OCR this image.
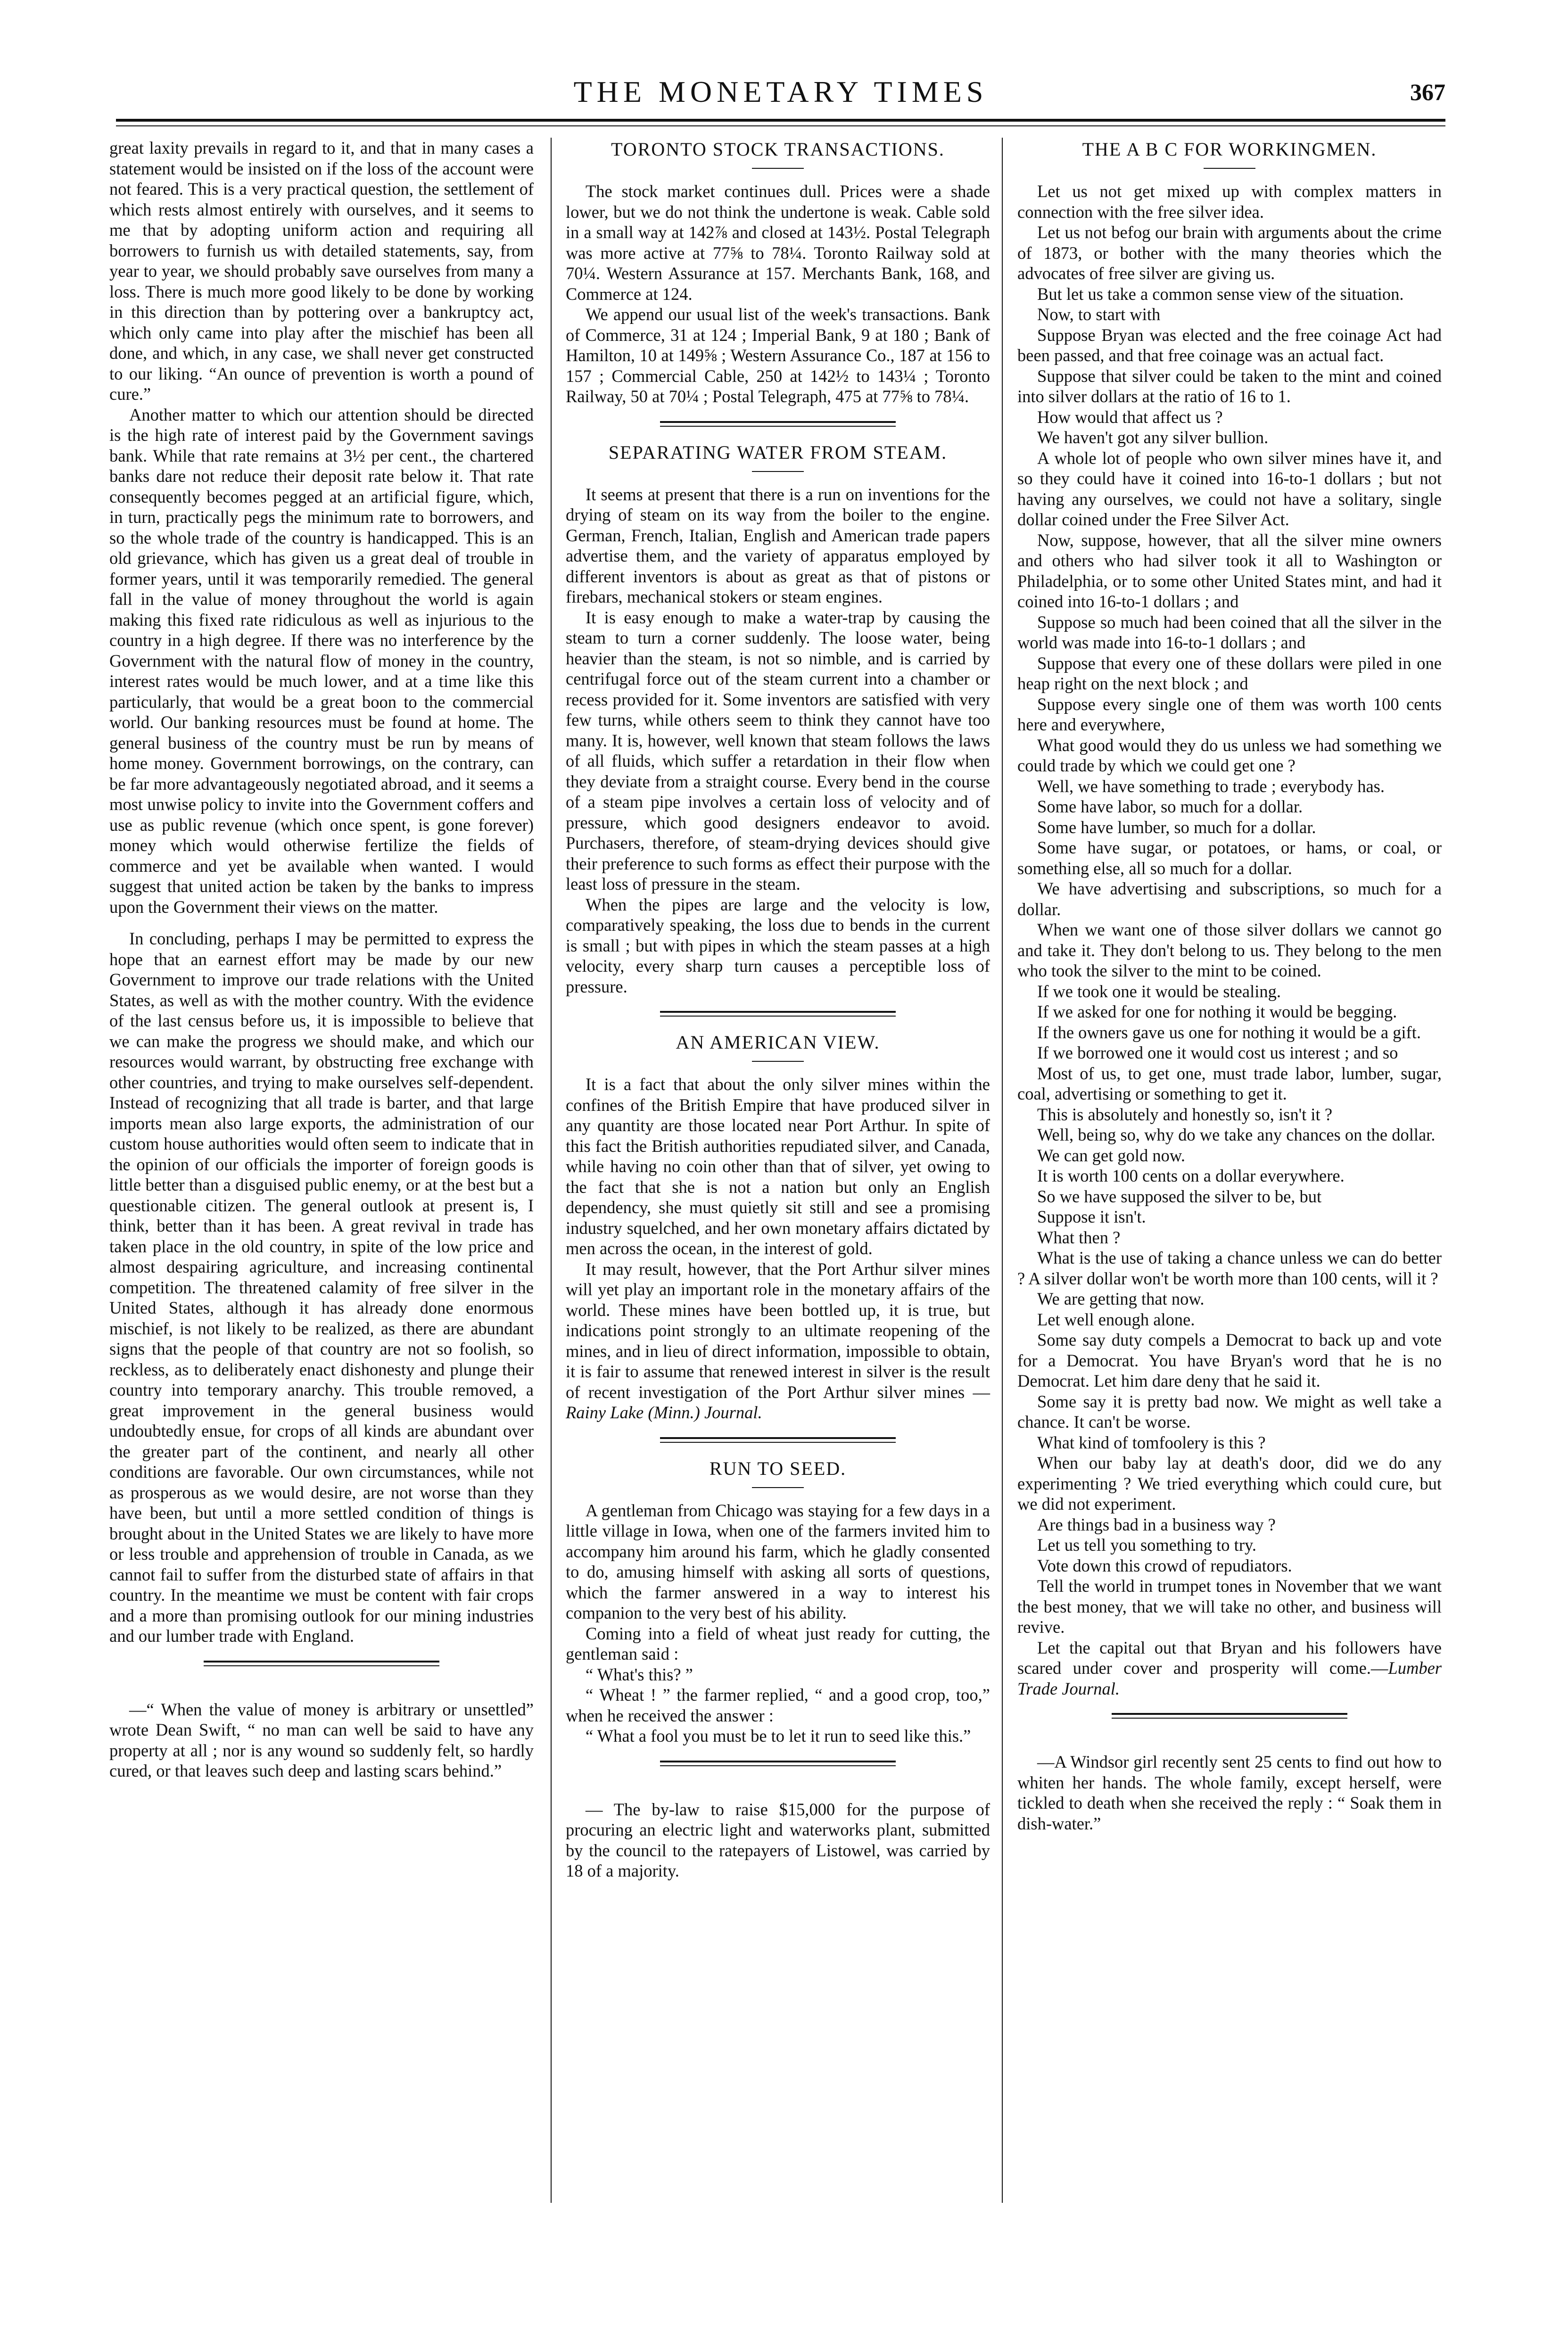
THE MONETARY TIMES	367

great laxity prevails in regard to it, and that in many cases a statement would be insisted on if the loss of the account were not feared. This is a very practical question, the settlement of which rests almost entirely with ourselves, and it seems to me that by adopting uniform action and requiring all borrowers to furnish us with detailed statements, say, from year to year, we should probably save ourselves from many a loss. There is much more good likely to be done by working in this direction than by pottering over a bankruptcy act, which only came into play after the mischief has been all done, and which, in any case, we shall never get constructed to our liking. “An ounce of prevention is worth a pound of cure.”

Another matter to which our attention should be directed is the high rate of interest paid by the Government savings bank. While that rate remains at 3½ per cent., the chartered banks dare not reduce their deposit rate below it. That rate consequently becomes pegged at an artificial figure, which, in turn, practically pegs the minimum rate to borrowers, and so the whole trade of the country is handicapped. This is an old grievance, which has given us a great deal of trouble in former years, until it was temporarily remedied. The general fall in the value of money throughout the world is again making this fixed rate ridiculous as well as injurious to the country in a high degree. If there was no interference by the Government with the natural flow of money in the country, interest rates would be much lower, and at a time like this particularly, that would be a great boon to the commercial world. Our banking resources must be found at home. The general business of the country must be run by means of home money. Government borrowings, on the contrary, can be far more advantageously negotiated abroad, and it seems a most unwise policy to invite into the Government coffers and use as public revenue (which once spent, is gone forever) money which would otherwise fertilize the fields of commerce and yet be available when wanted. I would suggest that united action be taken by the banks to impress upon the Government their views on the matter.

In concluding, perhaps I may be permitted to express the hope that an earnest effort may be made by our new Government to improve our trade relations with the United States, as well as with the mother country. With the evidence of the last census before us, it is impossible to believe that we can make the progress we should make, and which our resources would warrant, by obstructing free exchange with other countries, and trying to make ourselves self-dependent. Instead of recognizing that all trade is barter, and that large imports mean also large exports, the administration of our custom house authorities would often seem to indicate that in the opinion of our officials the importer of foreign goods is little better than a disguised public enemy, or at the best but a questionable citizen. The general outlook at present is, I think, better than it has been. A great revival in trade has taken place in the old country, in spite of the low price and almost despairing agriculture, and increasing continental competition. The threatened calamity of free silver in the United States, although it has already done enormous mischief, is not likely to be realized, as there are abundant signs that the people of that country are not so foolish, so reckless, as to deliberately enact dishonesty and plunge their country into temporary anarchy. This trouble removed, a great improvement in the general business would undoubtedly ensue, for crops of all kinds are abundant over the greater part of the continent, and nearly all other conditions are favorable. Our own circumstances, while not as prosperous as we would desire, are not worse than they have been, but until a more settled condition of things is brought about in the United States we are likely to have more or less trouble and apprehension of trouble in Canada, as we cannot fail to suffer from the disturbed state of affairs in that country. In the meantime we must be content with fair crops and a more than promising outlook for our mining industries and our lumber trade with England.

—“ When the value of money is arbitrary or unsettled” wrote Dean Swift, “ no man can well be said to have any property at all ; nor is any wound so suddenly felt, so hardly cured, or that leaves such deep and lasting scars behind.”

TORONTO STOCK TRANSACTIONS.

The stock market continues dull. Prices were a shade lower, but we do not think the undertone is weak. Cable sold in a small way at 142⅞ and closed at 143½. Postal Telegraph was more active at 77⅝ to 78¼. Toronto Railway sold at 70¼. Western Assurance at 157. Merchants Bank, 168, and Commerce at 124.

We append our usual list of the week's transactions. Bank of Commerce, 31 at 124 ; Imperial Bank, 9 at 180 ; Bank of Hamilton, 10 at 149⅝ ; Western Assurance Co., 187 at 156 to 157 ; Commercial Cable, 250 at 142½ to 143¼ ; Toronto Railway, 50 at 70¼ ; Postal Telegraph, 475 at 77⅝ to 78¼.

SEPARATING WATER FROM STEAM.

It seems at present that there is a run on inventions for the drying of steam on its way from the boiler to the engine. German, French, Italian, English and American trade papers advertise them, and the variety of apparatus employed by different inventors is about as great as that of pistons or firebars, mechanical stokers or steam engines.

It is easy enough to make a water-trap by causing the steam to turn a corner suddenly. The loose water, being heavier than the steam, is not so nimble, and is carried by centrifugal force out of the steam current into a chamber or recess provided for it. Some inventors are satisfied with very few turns, while others seem to think they cannot have too many. It is, however, well known that steam follows the laws of all fluids, which suffer a retardation in their flow when they deviate from a straight course. Every bend in the course of a steam pipe involves a certain loss of velocity and of pressure, which good designers endeavor to avoid. Purchasers, therefore, of steam-drying devices should give their preference to such forms as effect their purpose with the least loss of pressure in the steam.

When the pipes are large and the velocity is low, comparatively speaking, the loss due to bends in the current is small ; but with pipes in which the steam passes at a high velocity, every sharp turn causes a perceptible loss of pressure.

AN AMERICAN VIEW.

It is a fact that about the only silver mines within the confines of the British Empire that have produced silver in any quantity are those located near Port Arthur. In spite of this fact the British authorities repudiated silver, and Canada, while having no coin other than that of silver, yet owing to the fact that she is not a nation but only an English dependency, she must quietly sit still and see a promising industry squelched, and her own monetary affairs dictated by men across the ocean, in the interest of gold.

It may result, however, that the Port Arthur silver mines will yet play an important role in the monetary affairs of the world. These mines have been bottled up, it is true, but indications point strongly to an ultimate reopening of the mines, and in lieu of direct information, impossible to obtain, it is fair to assume that renewed interest in silver is the result of recent investigation of the Port Arthur silver mines —Rainy Lake (Minn.) Journal.

RUN TO SEED.

A gentleman from Chicago was staying for a few days in a little village in Iowa, when one of the farmers invited him to accompany him around his farm, which he gladly consented to do, amusing himself with asking all sorts of questions, which the farmer answered in a way to interest his companion to the very best of his ability.

Coming into a field of wheat just ready for cutting, the gentleman said :

“ What's this? ”

“ Wheat ! ” the farmer replied, “ and a good crop, too,” when he received the answer :

“ What a fool you must be to let it run to seed like this.”

— The by-law to raise $15,000 for the purpose of procuring an electric light and waterworks plant, submitted by the council to the ratepayers of Listowel, was carried by 18 of a majority.

THE A B C FOR WORKINGMEN.

Let us not get mixed up with complex matters in connection with the free silver idea.

Let us not befog our brain with arguments about the crime of 1873, or bother with the many theories which the advocates of free silver are giving us.

But let us take a common sense view of the situation.

Now, to start with

Suppose Bryan was elected and the free coinage Act had been passed, and that free coinage was an actual fact.

Suppose that silver could be taken to the mint and coined into silver dollars at the ratio of 16 to 1.

How would that affect us ?

We haven't got any silver bullion.

A whole lot of people who own silver mines have it, and so they could have it coined into 16-to-1 dollars ; but not having any ourselves, we could not have a solitary, single dollar coined under the Free Silver Act.

Now, suppose, however, that all the silver mine owners and others who had silver took it all to Washington or Philadelphia, or to some other United States mint, and had it coined into 16-to-1 dollars ; and

Suppose so much had been coined that all the silver in the world was made into 16-to-1 dollars ; and

Suppose that every one of these dollars were piled in one heap right on the next block ; and

Suppose every single one of them was worth 100 cents here and everywhere,

What good would they do us unless we had something we could trade by which we could get one ?

Well, we have something to trade ; everybody has.

Some have labor, so much for a dollar.

Some have lumber, so much for a dollar.

Some have sugar, or potatoes, or hams, or coal, or something else, all so much for a dollar.

We have advertising and subscriptions, so much for a dollar.

When we want one of those silver dollars we cannot go and take it. They don't belong to us. They belong to the men who took the silver to the mint to be coined.

If we took one it would be stealing.

If we asked for one for nothing it would be begging.

If the owners gave us one for nothing it would be a gift.

If we borrowed one it would cost us interest ; and so

Most of us, to get one, must trade labor, lumber, sugar, coal, advertising or something to get it.

This is absolutely and honestly so, isn't it ?

Well, being so, why do we take any chances on the dollar.

We can get gold now.

It is worth 100 cents on a dollar everywhere.

So we have supposed the silver to be, but

Suppose it isn't.

What then ?

What is the use of taking a chance unless we can do better ? A silver dollar won't be worth more than 100 cents, will it ?

We are getting that now.

Let well enough alone.

Some say duty compels a Democrat to back up and vote for a Democrat. You have Bryan's word that he is no Democrat. Let him dare deny that he said it.

Some say it is pretty bad now. We might as well take a chance. It can't be worse.

What kind of tomfoolery is this ?

When our baby lay at death's door, did we do any experimenting ? We tried everything which could cure, but we did not experiment.

Are things bad in a business way ?

Let us tell you something to try.

Vote down this crowd of repudiators.

Tell the world in trumpet tones in November that we want the best money, that we will take no other, and business will revive.

Let the capital out that Bryan and his followers have scared under cover and prosperity will come.—Lumber Trade Journal.

—A Windsor girl recently sent 25 cents to find out how to whiten her hands. The whole family, except herself, were tickled to death when she received the reply : “ Soak them in dish-water.”
